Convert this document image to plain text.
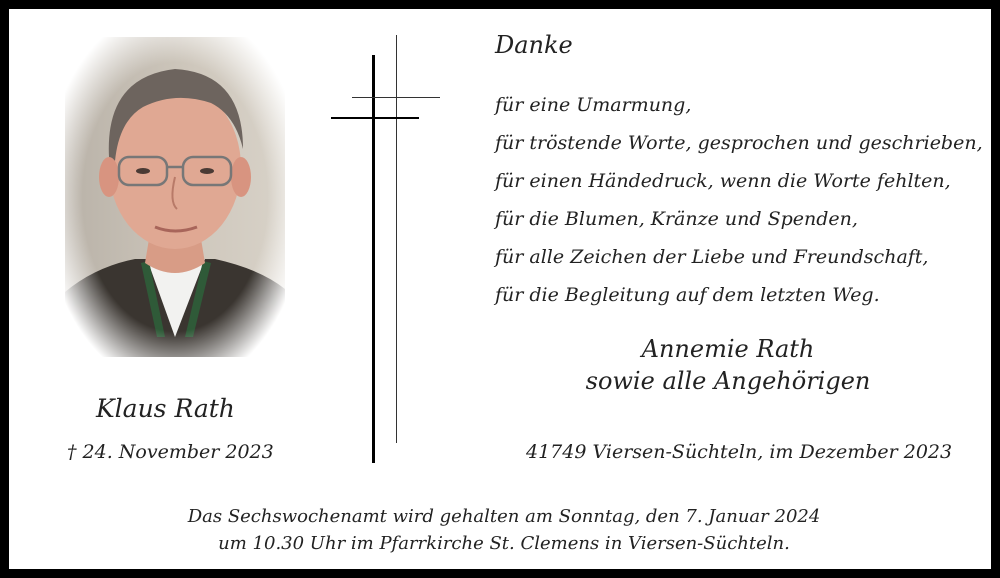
Klaus Rath
† 24. November 2023
Danke
für eine Umarmung,
für tröstende Worte, gesprochen und geschrieben,
für einen Händedruck, wenn die Worte fehlten,
für die Blumen, Kränze und Spenden,
für alle Zeichen der Liebe und Freundschaft,
für die Begleitung auf dem letzten Weg.
Annemie Rath
sowie alle Angehörigen
41749 Viersen-Süchteln, im Dezember 2023
Das Sechswochenamt wird gehalten am Sonntag, den 7. Januar 2024
um 10.30 Uhr im Pfarrkirche St. Clemens in Viersen-Süchteln.
